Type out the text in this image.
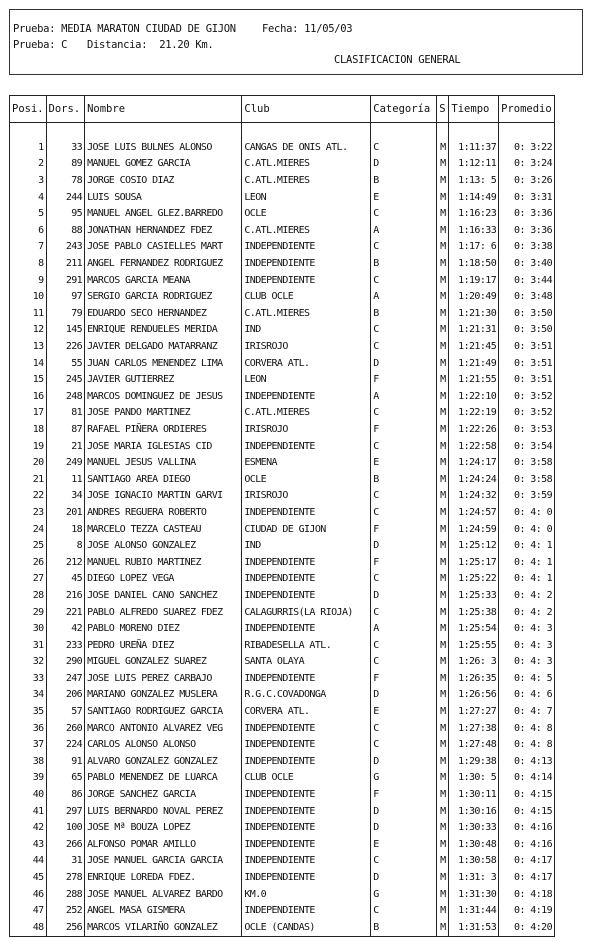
Prueba: MEDIA MARATON CIUDAD DE GIJON Fecha: 11/05/03
Prueba: C Distancia:  21.20 Km.
CLASIFICACION GENERAL
Posi.	Dors.	Nombre	Club	Categoría	S	Tiempo	Promedio

1	33	JOSE LUIS BULNES ALONSO	CANGAS DE ONIS ATL.	C	M	1:11:37	0: 3:22
2	89	MANUEL GOMEZ GARCIA	C.ATL.MIERES	D	M	1:12:11	0: 3:24
3	78	JORGE COSIO DIAZ	C.ATL.MIERES	B	M	1:13: 5	0: 3:26
4	244	LUIS SOUSA	LEON	E	M	1:14:49	0: 3:31
5	95	MANUEL ANGEL GLEZ.BARREDO	OCLE	C	M	1:16:23	0: 3:36
6	88	JONATHAN HERNANDEZ FDEZ	C.ATL.MIERES	A	M	1:16:33	0: 3:36
7	243	JOSE PABLO CASIELLES MART	INDEPENDIENTE	C	M	1:17: 6	0: 3:38
8	211	ANGEL FERNANDEZ RODRIGUEZ	INDEPENDIENTE	B	M	1:18:50	0: 3:40
9	291	MARCOS GARCIA MEANA	INDEPENDIENTE	C	M	1:19:17	0: 3:44
10	97	SERGIO GARCIA RODRIGUEZ	CLUB OCLE	A	M	1:20:49	0: 3:48
11	79	EDUARDO SECO HERNANDEZ	C.ATL.MIERES	B	M	1:21:30	0: 3:50
12	145	ENRIQUE RENDUELES MERIDA	IND	C	M	1:21:31	0: 3:50
13	226	JAVIER DELGADO MATARRANZ	IRISROJO	C	M	1:21:45	0: 3:51
14	55	JUAN CARLOS MENENDEZ LIMA	CORVERA ATL.	D	M	1:21:49	0: 3:51
15	245	JAVIER GUTIERREZ	LEON	F	M	1:21:55	0: 3:51
16	248	MARCOS DOMINGUEZ DE JESUS	INDEPENDIENTE	A	M	1:22:10	0: 3:52
17	81	JOSE PANDO MARTINEZ	C.ATL.MIERES	C	M	1:22:19	0: 3:52
18	87	RAFAEL PIÑERA ORDIERES	IRISROJO	F	M	1:22:26	0: 3:53
19	21	JOSE MARIA IGLESIAS CID	INDEPENDIENTE	C	M	1:22:58	0: 3:54
20	249	MANUEL JESUS VALLINA	ESMENA	E	M	1:24:17	0: 3:58
21	11	SANTIAGO AREA DIEGO	OCLE	B	M	1:24:24	0: 3:58
22	34	JOSE IGNACIO MARTIN GARVI	IRISROJO	C	M	1:24:32	0: 3:59
23	201	ANDRES REGUERA ROBERTO	INDEPENDIENTE	C	M	1:24:57	0: 4: 0
24	18	MARCELO TEZZA CASTEAU	CIUDAD DE GIJON	F	M	1:24:59	0: 4: 0
25	8	JOSE ALONSO GONZALEZ	IND	D	M	1:25:12	0: 4: 1
26	212	MANUEL RUBIO MARTINEZ	INDEPENDIENTE	F	M	1:25:17	0: 4: 1
27	45	DIEGO LOPEZ VEGA	INDEPENDIENTE	C	M	1:25:22	0: 4: 1
28	216	JOSE DANIEL CANO SANCHEZ	INDEPENDIENTE	D	M	1:25:33	0: 4: 2
29	221	PABLO ALFREDO SUAREZ FDEZ	CALAGURRIS(LA RIOJA)	C	M	1:25:38	0: 4: 2
30	42	PABLO MORENO DIEZ	INDEPENDIENTE	A	M	1:25:54	0: 4: 3
31	233	PEDRO UREÑA DIEZ	RIBADESELLA ATL.	C	M	1:25:55	0: 4: 3
32	290	MIGUEL GONZALEZ SUAREZ	SANTA OLAYA	C	M	1:26: 3	0: 4: 3
33	247	JOSE LUIS PEREZ CARBAJO	INDEPENDIENTE	F	M	1:26:35	0: 4: 5
34	206	MARIANO GONZALEZ MUSLERA	R.G.C.COVADONGA	D	M	1:26:56	0: 4: 6
35	57	SANTIAGO RODRIGUEZ GARCIA	CORVERA ATL.	E	M	1:27:27	0: 4: 7
36	260	MARCO ANTONIO ALVAREZ VEG	INDEPENDIENTE	C	M	1:27:38	0: 4: 8
37	224	CARLOS ALONSO ALONSO	INDEPENDIENTE	C	M	1:27:48	0: 4: 8
38	91	ALVARO GONZALEZ GONZALEZ	INDEPENDIENTE	D	M	1:29:38	0: 4:13
39	65	PABLO MENENDEZ DE LUARCA	CLUB OCLE	G	M	1:30: 5	0: 4:14
40	86	JORGE SANCHEZ GARCIA	INDEPENDIENTE	F	M	1:30:11	0: 4:15
41	297	LUIS BERNARDO NOVAL PEREZ	INDEPENDIENTE	D	M	1:30:16	0: 4:15
42	100	JOSE Mª BOUZA LOPEZ	INDEPENDIENTE	D	M	1:30:33	0: 4:16
43	266	ALFONSO POMAR AMILLO	INDEPENDIENTE	E	M	1:30:48	0: 4:16
44	31	JOSE MANUEL GARCIA GARCIA	INDEPENDIENTE	C	M	1:30:58	0: 4:17
45	278	ENRIQUE LOREDA FDEZ.	INDEPENDIENTE	D	M	1:31: 3	0: 4:17
46	288	JOSE MANUEL ALVAREZ BARDO	KM.0	G	M	1:31:30	0: 4:18
47	252	ANGEL MASA GISMERA	INDEPENDIENTE	C	M	1:31:44	0: 4:19
48	256	MARCOS VILARIÑO GONZALEZ	OCLE (CANDAS)	B	M	1:31:53	0: 4:20
